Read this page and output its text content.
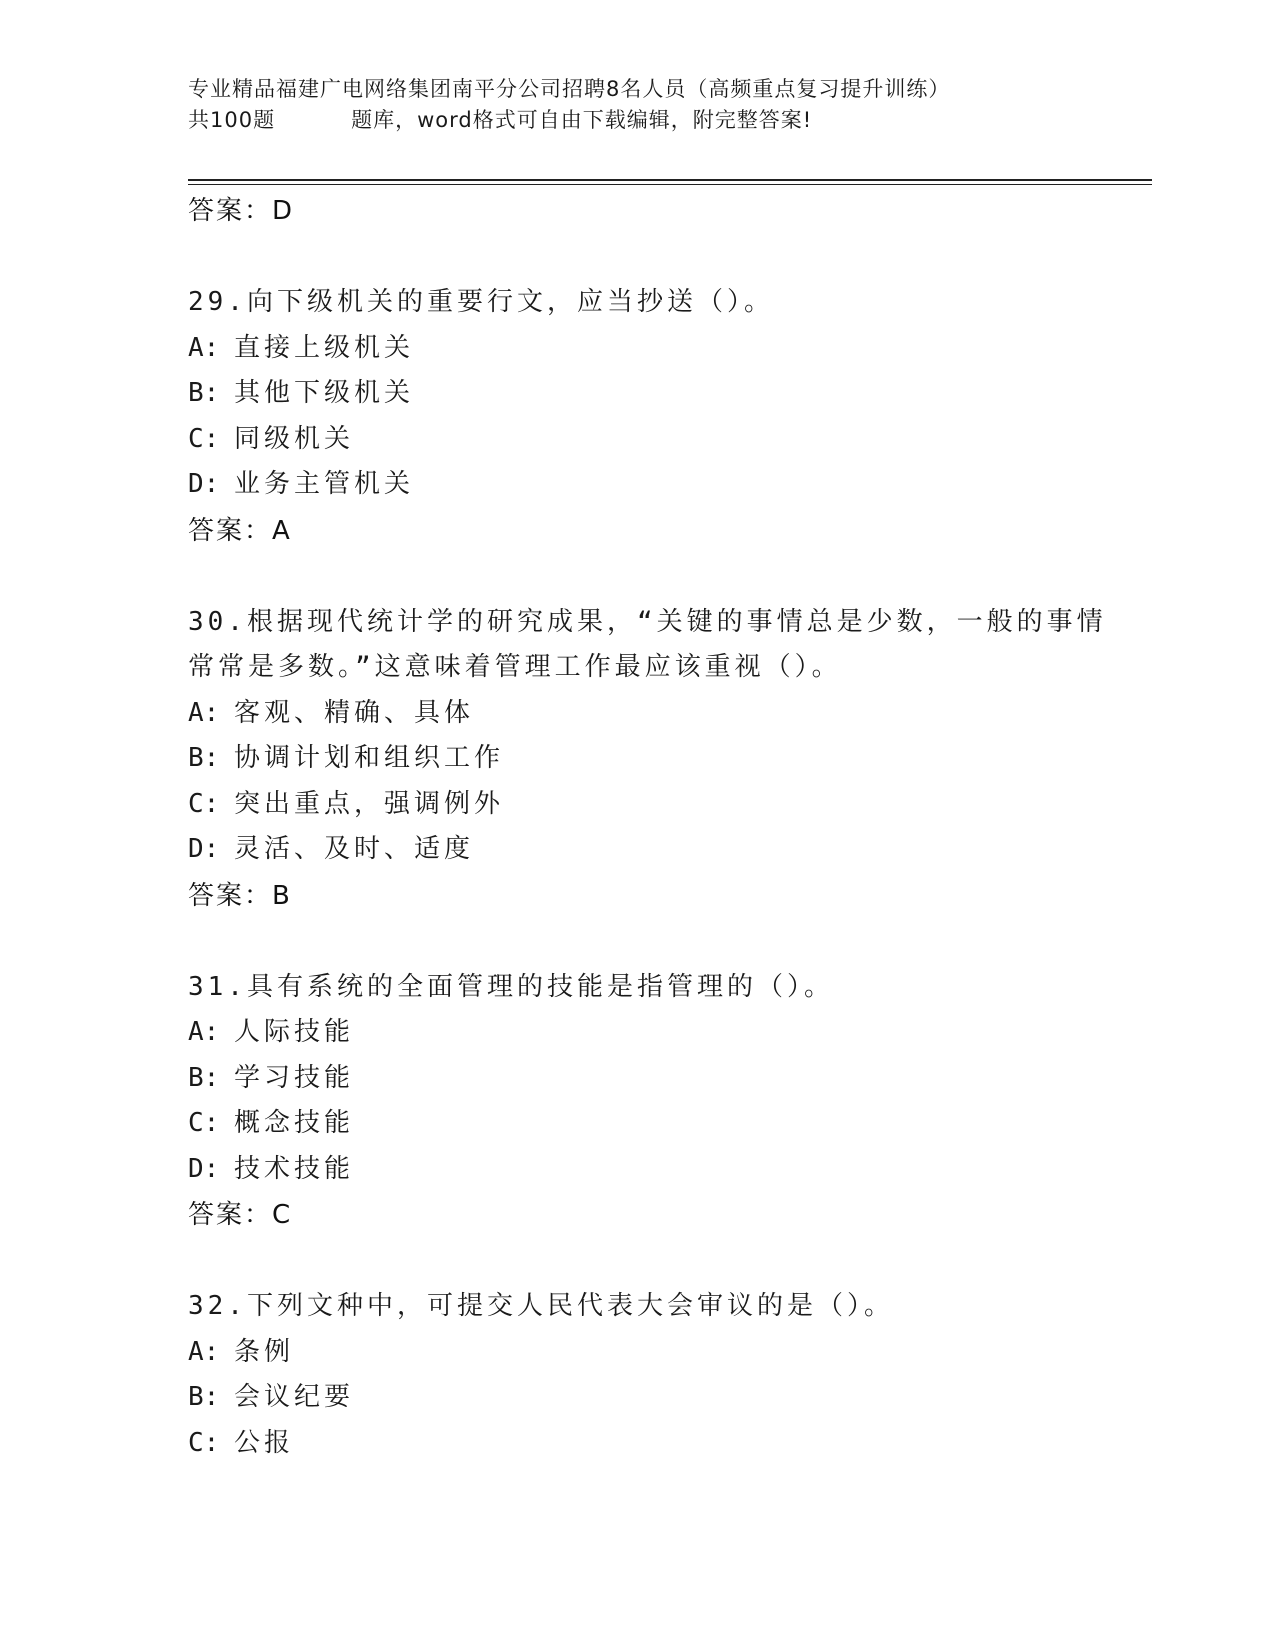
专业精品福建广电网络集团南平分公司招聘8名人员（高频重点复习提升训练）
共100题	题库，word格式可自由下载编辑，附完整答案!
答案：D
29.向下级机关的重要行文，应当抄送（）。
A: 直接上级机关
B: 其他下级机关
C: 同级机关
D: 业务主管机关
答案：A
30.根据现代统计学的研究成果，“关键的事情总是少数，一般的事情
常常是多数。”这意味着管理工作最应该重视（）。
A: 客观、精确、具体
B: 协调计划和组织工作
C: 突出重点，强调例外
D: 灵活、及时、适度
答案：B
31.具有系统的全面管理的技能是指管理的（）。
A: 人际技能
B: 学习技能
C: 概念技能
D: 技术技能
答案：C
32.下列文种中，可提交人民代表大会审议的是（）。
A: 条例
B: 会议纪要
C: 公报
